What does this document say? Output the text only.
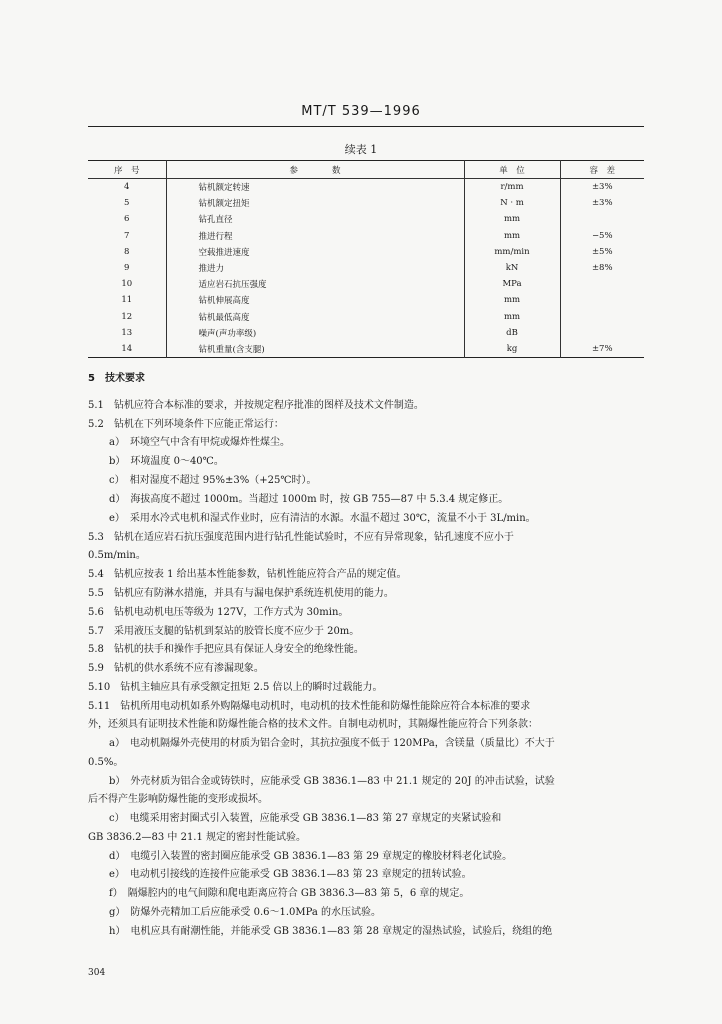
MT/T 539—1996
续表 1
序　号	参　　　　数	单　位	容　差
4	钻机额定转速	r/mm	±3%
5	钻机额定扭矩	N · m	±3%
6	钻孔直径	mm	
7	推进行程	mm	−5%
8	空载推进速度	mm/min	±5%
9	推进力	kN	±8%
10	适应岩石抗压强度	MPa	
11	钻机伸展高度	mm	
12	钻机最低高度	mm	
13	噪声(声功率级)	dB	
14	钻机重量(含支腿)	kg	±7%
5　技术要求
5.1　钻机应符合本标准的要求，并按规定程序批准的图样及技术文件制造。
5.2　钻机在下列环境条件下应能正常运行：
a）　环境空气中含有甲烷或爆炸性煤尘。
b）　环境温度 0～40℃。
c）　相对湿度不超过 95%±3%（+25℃时）。
d）　海拔高度不超过 1000m。当超过 1000m 时，按 GB 755—87 中 5.3.4 规定修正。
e）　采用水冷式电机和湿式作业时，应有清洁的水源。水温不超过 30℃，流量不小于 3L/min。
5.3　钻机在适应岩石抗压强度范围内进行钻孔性能试验时，不应有异常现象，钻孔速度不应小于
0.5m/min。
5.4　钻机应按表 1 给出基本性能参数，钻机性能应符合产品的规定值。
5.5　钻机应有防淋水措施，并具有与漏电保护系统连机使用的能力。
5.6　钻机电动机电压等级为 127V，工作方式为 30min。
5.7　采用液压支腿的钻机到泵站的胶管长度不应少于 20m。
5.8　钻机的扶手和操作手把应具有保证人身安全的绝缘性能。
5.9　钻机的供水系统不应有渗漏现象。
5.10　钻机主轴应具有承受额定扭矩 2.5 倍以上的瞬时过载能力。
5.11　钻机所用电动机如系外购隔爆电动机时，电动机的技术性能和防爆性能除应符合本标准的要求
外，还须具有证明技术性能和防爆性能合格的技术文件。自制电动机时，其隔爆性能应符合下列条款：
a）　电动机隔爆外壳使用的材质为铝合金时，其抗拉强度不低于 120MPa，含镁量（质量比）不大于
0.5%。
b）　外壳材质为铝合金或铸铁时，应能承受 GB 3836.1—83 中 21.1 规定的 20J 的冲击试验，试验
后不得产生影响防爆性能的变形或损坏。
c）　电缆采用密封圈式引入装置，应能承受 GB 3836.1—83 第 27 章规定的夹紧试验和
GB 3836.2—83 中 21.1 规定的密封性能试验。
d）　电缆引入装置的密封圈应能承受 GB 3836.1—83 第 29 章规定的橡胶材料老化试验。
e）　电动机引接线的连接件应能承受 GB 3836.1—83 第 23 章规定的扭转试验。
f）　隔爆腔内的电气间隙和爬电距离应符合 GB 3836.3—83 第 5，6 章的规定。
g）　防爆外壳精加工后应能承受 0.6～1.0MPa 的水压试验。
h）　电机应具有耐潮性能，并能承受 GB 3836.1—83 第 28 章规定的湿热试验，试验后，绕组的绝
304
